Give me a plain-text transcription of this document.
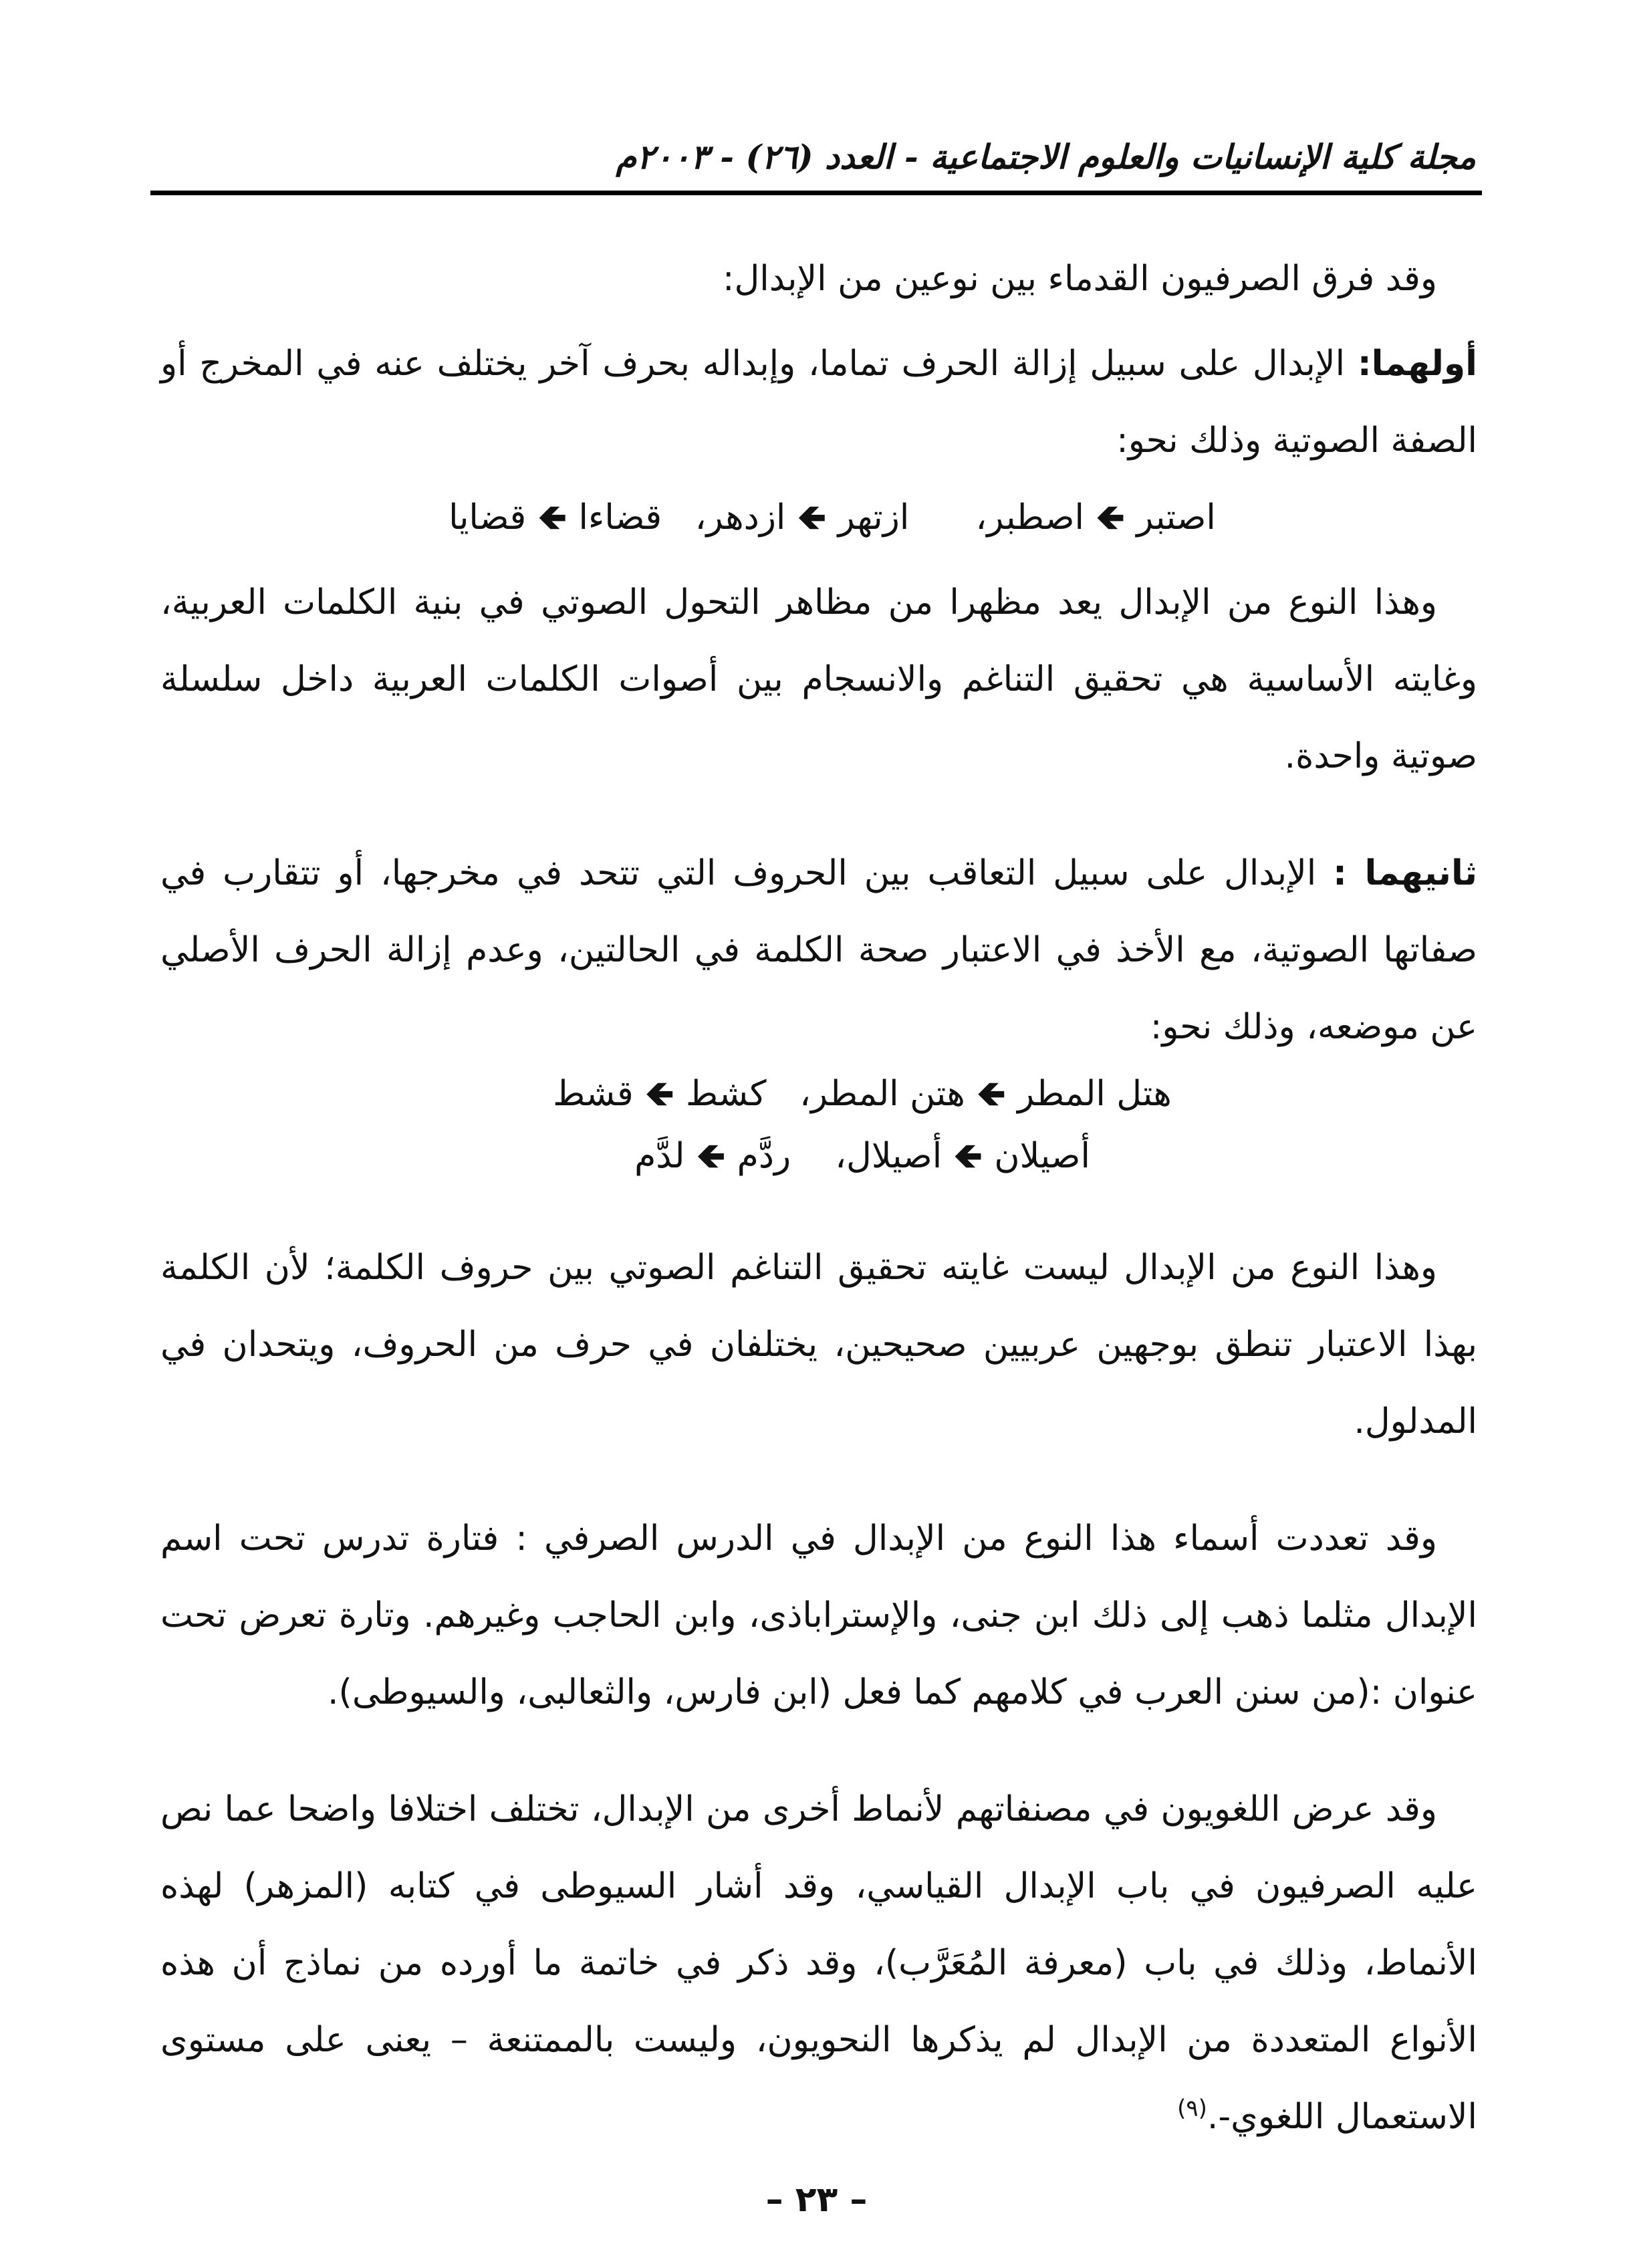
مجلة كلية الإنسانيات والعلوم الاجتماعية - العدد (٢٦) - ٢٠٠٣م

وقد فرق الصرفيون القدماء بين نوعين من الإبدال:

أولهما: الإبدال على سبيل إزالة الحرف تماما، وإبداله بحرف آخر يختلف عنه في المخرج أو الصفة الصوتية وذلك نحو:

اصتبر🡸اصطبر،      ازتهر🡸ازدهر،   قضاءا🡸قضايا

وهذا النوع من الإبدال يعد مظهرا من مظاهر التحول الصوتي في بنية الكلمات العربية، وغايته الأساسية هي تحقيق التناغم والانسجام بين أصوات الكلمات العربية داخل سلسلة صوتية واحدة.

ثانيهما : الإبدال على سبيل التعاقب بين الحروف التي تتحد في مخرجها، أو تتقارب في صفاتها الصوتية، مع الأخذ في الاعتبار صحة الكلمة في الحالتين، وعدم إزالة الحرف الأصلي عن موضعه، وذلك نحو:

هتل المطر🡸هتن المطر،   كشط🡸قشط

أصيلان🡸أصيلال،    ردَّم🡸لدَّم

وهذا النوع من الإبدال ليست غايته تحقيق التناغم الصوتي بين حروف الكلمة؛ لأن الكلمة بهذا الاعتبار تنطق بوجهين عربيين صحيحين، يختلفان في حرف من الحروف، ويتحدان في المدلول.

وقد تعددت أسماء هذا النوع من الإبدال في الدرس الصرفي : فتارة تدرس تحت اسم الإبدال مثلما ذهب إلى ذلك ابن جنى، والإستراباذى، وابن الحاجب وغيرهم. وتارة تعرض تحت عنوان :(من سنن العرب في كلامهم كما فعل (ابن فارس، والثعالبى، والسيوطى).

وقد عرض اللغويون في مصنفاتهم لأنماط أخرى من الإبدال، تختلف اختلافا واضحا عما نص عليه الصرفيون في باب الإبدال القياسي، وقد أشار السيوطى في كتابه (المزهر) لهذه الأنماط، وذلك في باب (معرفة المُعَرَّب)، وقد ذكر في خاتمة ما أورده من نماذج أن هذه الأنواع المتعددة من الإبدال لم يذكرها النحويون، وليست بالممتنعة – يعنى على مستوى الاستعمال اللغوي-.$^{(٩)}$

– ٢٣ –
